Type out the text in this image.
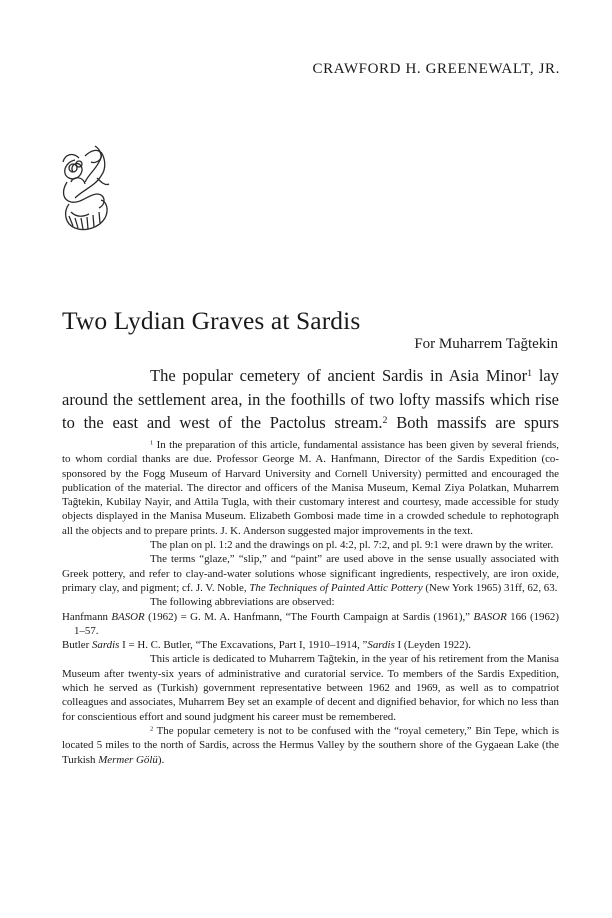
CRAWFORD H. GREENEWALT, JR.
Two Lydian Graves at Sardis
For Muharrem Tağtekin

The popular cemetery of ancient Sardis in Asia Minor$^1$ lay around the settlement area, in the foothills of two lofty massifs which rise to the east and west of the Pactolus stream.$^2$ Both massifs are spurs

$^1$ In the preparation of this article, fundamental assistance has been given by several friends, to whom cordial thanks are due. Professor George M. A. Hanfmann, Director of the Sardis Expedition (co-sponsored by the Fogg Museum of Harvard University and Cornell University) permitted and encouraged the publication of the material. The director and officers of the Manisa Museum, Kemal Ziya Polatkan, Muharrem Tağtekin, Kubilay Nayir, and Attila Tugla, with their customary interest and courtesy, made accessible for study objects displayed in the Manisa Museum. Elizabeth Gombosi made time in a crowded schedule to rephotograph all the objects and to prepare prints. J. K. Anderson suggested major improvements in the text.

The plan on pl. 1:2 and the drawings on pl. 4:2, pl. 7:2, and pl. 9:1 were drawn by the writer.

The terms “glaze,” “slip,” and “paint” are used above in the sense usually associated with Greek pottery, and refer to clay-and-water solutions whose significant ingredients, respectively, are iron oxide, primary clay, and pigment; cf. J. V. Noble, The Techniques of Painted Attic Pottery (New York 1965) 31ff, 62, 63.

The following abbreviations are observed:

Hanfmann BASOR (1962) = G. M. A. Hanfmann, “The Fourth Campaign at Sardis (1961),” BASOR 166 (1962) 1–57.

Butler Sardis I = H. C. Butler, “The Excavations, Part I, 1910–1914, ”Sardis I (Leyden 1922).

This article is dedicated to Muharrem Tağtekin, in the year of his retirement from the Manisa Museum after twenty-six years of administrative and curatorial service. To members of the Sardis Expedition, which he served as (Turkish) government representative between 1962 and 1969, as well as to compatriot colleagues and associates, Muharrem Bey set an example of decent and dignified behavior, for which no less than for conscientious effort and sound judgment his career must be remembered.

$^2$ The popular cemetery is not to be confused with the “royal cemetery,” Bin Tepe, which is located 5 miles to the north of Sardis, across the Hermus Valley by the southern shore of the Gygaean Lake (the Turkish Mermer Gölü).
